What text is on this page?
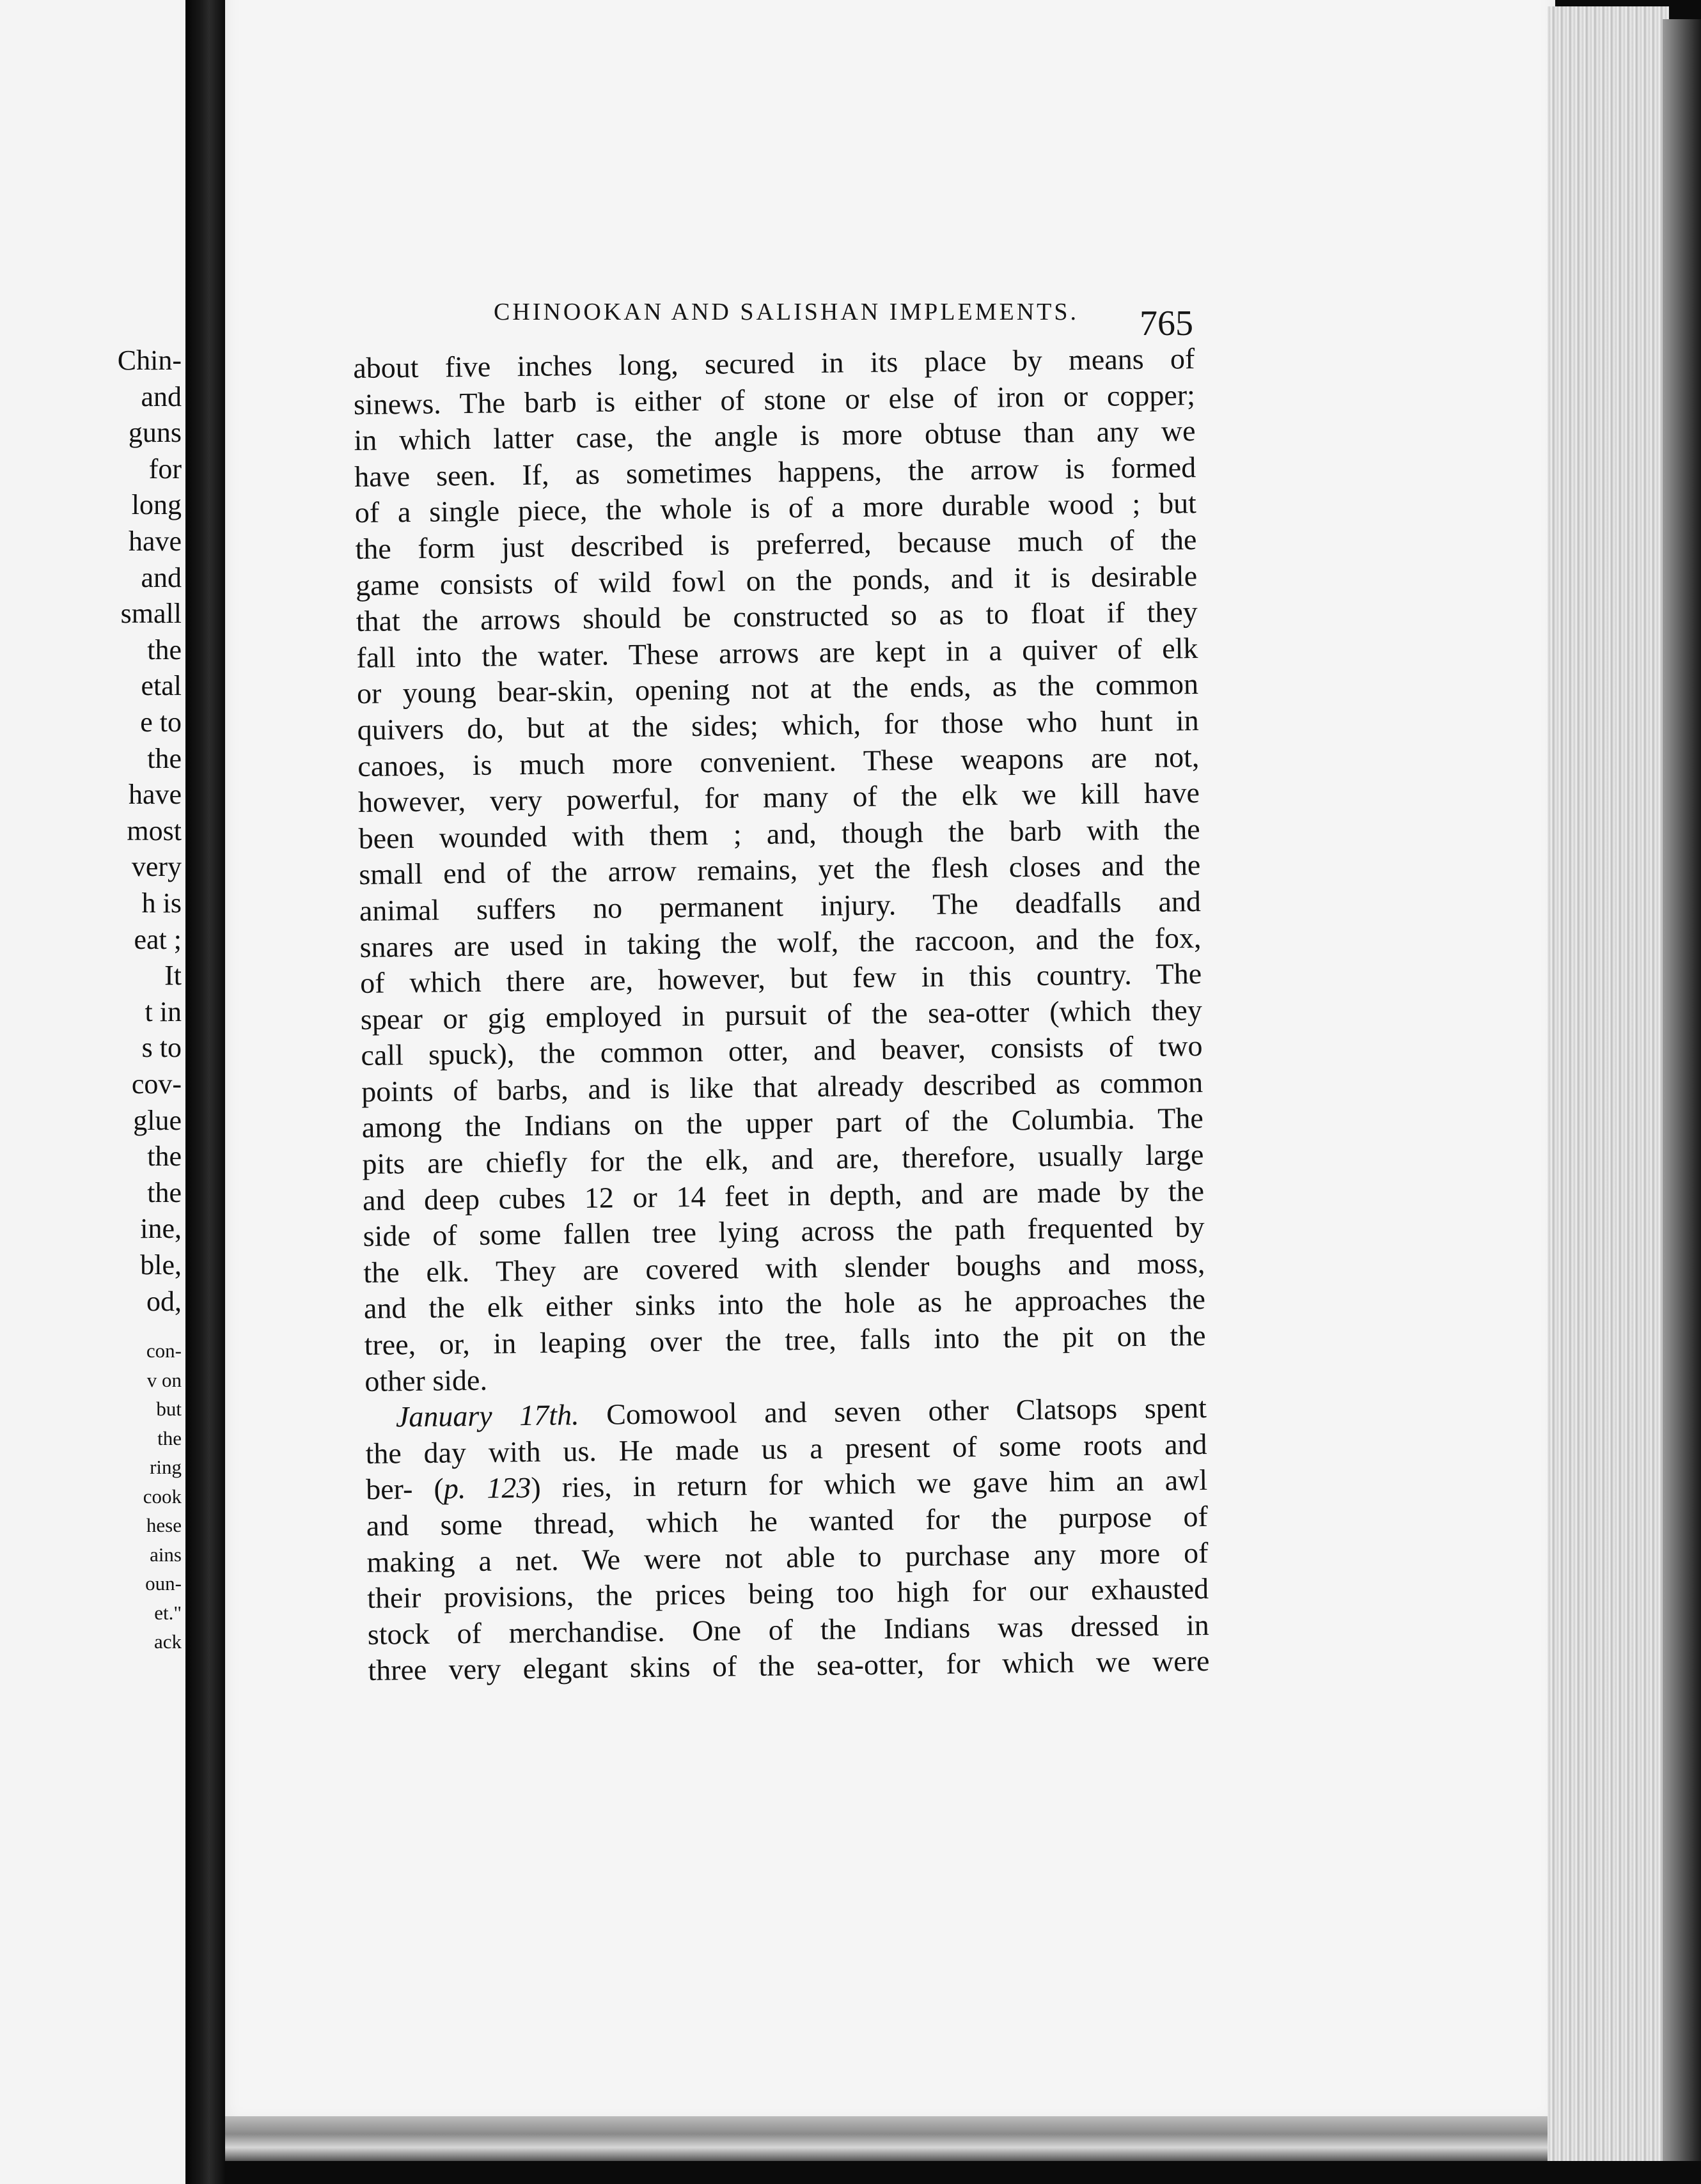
Chin-
and
guns
for
long
have
and
small
the
etal
e to
the
have
most
very
h is
eat ;
It
t in
s to
cov-
glue
the
the
ine,
ble,
od,
con-
v on
but
the
ring
cook
hese
ains
oun-
et."
ack
CHINOOKAN AND SALISHAN IMPLEMENTS. 765
about five inches long, secured in its place by means of
sinews. The barb is either of stone or else of iron or copper;
in which latter case, the angle is more obtuse than any we
have seen. If, as sometimes happens, the arrow is formed
of a single piece, the whole is of a more durable wood ; but
the form just described is preferred, because much of the
game consists of wild fowl on the ponds, and it is desirable
that the arrows should be constructed so as to float if they
fall into the water. These arrows are kept in a quiver of elk
or young bear-skin, opening not at the ends, as the common
quivers do, but at the sides; which, for those who hunt in
canoes, is much more convenient. These weapons are not,
however, very powerful, for many of the elk we kill have
been wounded with them ; and, though the barb with the
small end of the arrow remains, yet the flesh closes and the
animal suffers no permanent injury. The deadfalls and
snares are used in taking the wolf, the raccoon, and the fox,
of which there are, however, but few in this country. The
spear or gig employed in pursuit of the sea-otter (which they
call spuck), the common otter, and beaver, consists of two
points of barbs, and is like that already described as common
among the Indians on the upper part of the Columbia. The
pits are chiefly for the elk, and are, therefore, usually large
and deep cubes 12 or 14 feet in depth, and are made by the
side of some fallen tree lying across the path frequented by
the elk. They are covered with slender boughs and moss,
and the elk either sinks into the hole as he approaches the
tree, or, in leaping over the tree, falls into the pit on the
other side.
January 17th. Comowool and seven other Clatsops spent
the day with us. He made us a present of some roots and
ber- (p. 123) ries, in return for which we gave him an awl
and some thread, which he wanted for the purpose of
making a net. We were not able to purchase any more of
their provisions, the prices being too high for our exhausted
stock of merchandise. One of the Indians was dressed in
three very elegant skins of the sea-otter, for which we were
